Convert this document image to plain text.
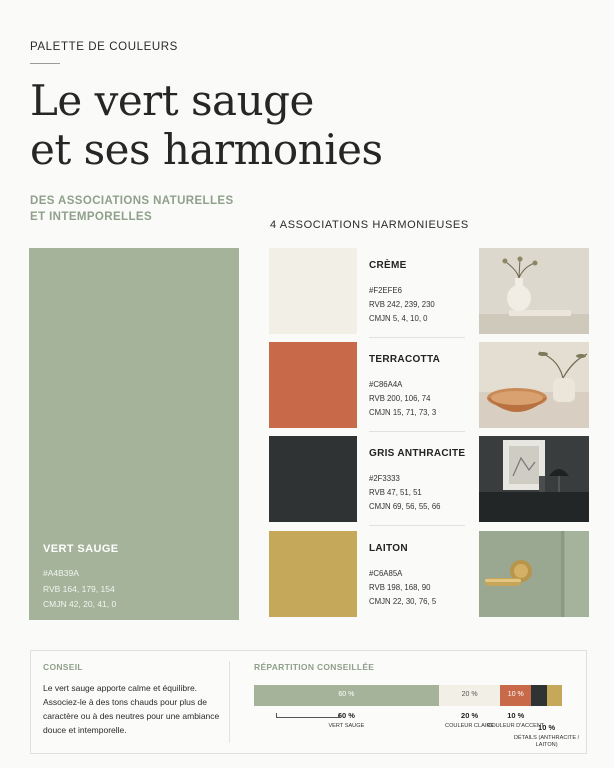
PALETTE DE COULEURS
Le vert sauge
et ses harmonies
DES ASSOCIATIONS NATURELLES ET INTEMPORELLES
4 ASSOCIATIONS HARMONIEUSES
VERT SAUGE
#A4B39A
RVB 164, 179, 154
CMJN 42, 20, 41, 0
CRÈME
#F2EFE6
RVB 242, 239, 230
CMJN 5, 4, 10, 0
TERRACOTTA
#C86A4A
RVB 200, 106, 74
CMJN 15, 71, 73, 3
GRIS ANTHRACITE
#2F3333
RVB 47, 51, 51
CMJN 69, 56, 55, 66
LAITON
#C6A85A
RVB 198, 168, 90
CMJN 22, 30, 76, 5
CONSEIL
Le vert sauge apporte calme et équilibre. Associez-le à des tons chauds pour plus de caractère ou à des neutres pour une ambiance douce et intemporelle.
RÉPARTITION CONSEILLÉE
60 %	20 %	10 %
60 %
VERT SAUGE
20 %
COULEUR CLAIRE
10 %
COULEUR D'ACCENT
10 %
DÉTAILS (ANTHRACITE / LAITON)
